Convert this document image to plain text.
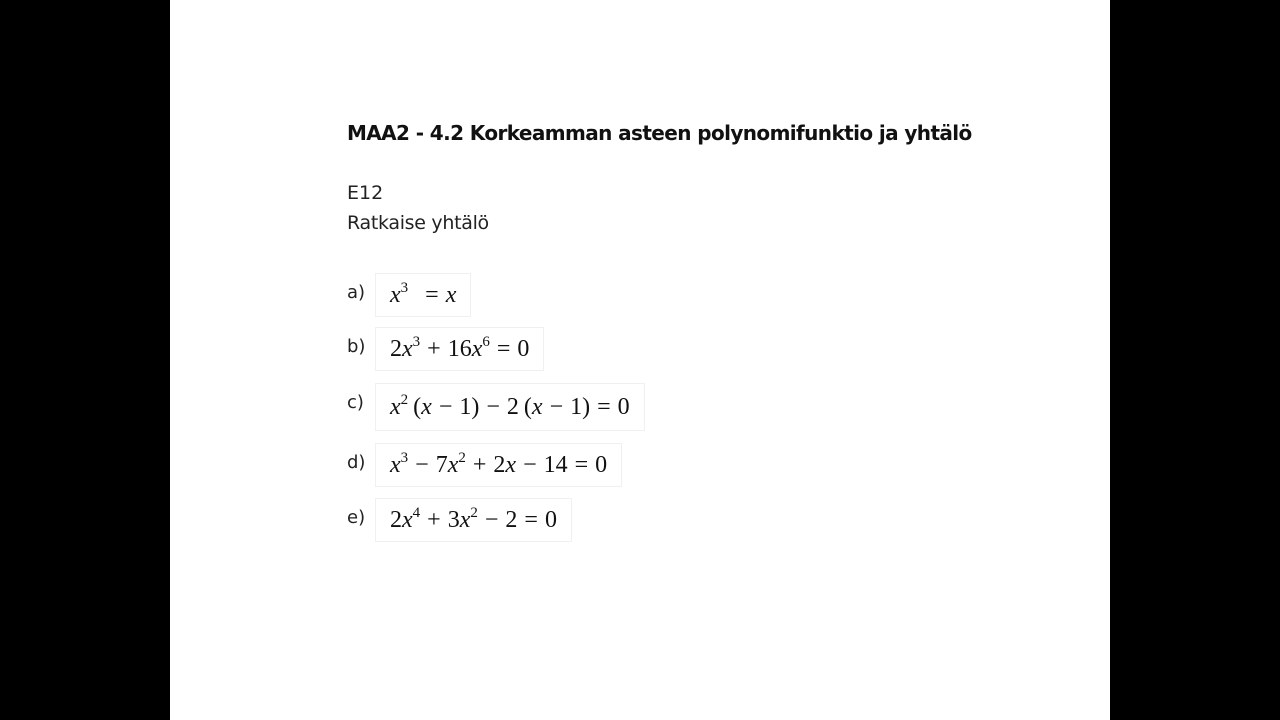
MAA2 - 4.2 Korkeamman asteen polynomifunktio ja yhtälö
E12
Ratkaise yhtälö
a) $x^3 = x$
b) $2x^3 + 16x^6 = 0$
c) $x^2$ (x − 1) − 2 (x − 1) = 0
d) $x^3 - 7x^2 + 2x - 14 = 0$
e) $2x^4 + 3x^2 - 2 = 0$
